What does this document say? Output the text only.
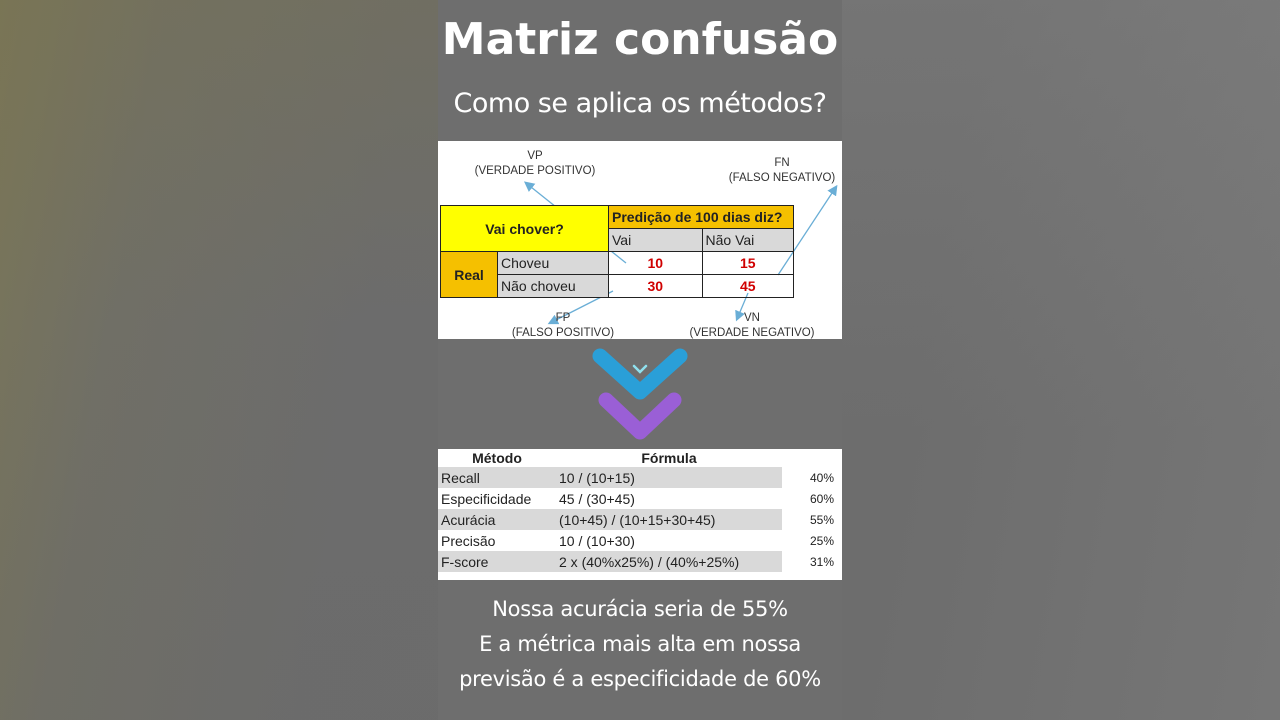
Matriz confusão
Como se aplica os métodos?
VP
(VERDADE POSITIVO)
FN
(FALSO NEGATIVO)
FP
(FALSO POSITIVO)
VN
(VERDADE NEGATIVO)
Vai chover?		Predição de 100 dias diz?	
		Vai	Não Vai
Real	Choveu	10	15
	Não choveu	30	45
Método	Fórmula	
Recall	10 / (10+15)	40%
Especificidade	45 / (30+45)	60%
Acurácia	(10+45) / (10+15+30+45)	55%
Precisão	10 / (10+30)	25%
F-score	2 x (40%x25%) / (40%+25%)	31%
Nossa acurácia seria de 55%
E a métrica mais alta em nossa
previsão é a especificidade de 60%
